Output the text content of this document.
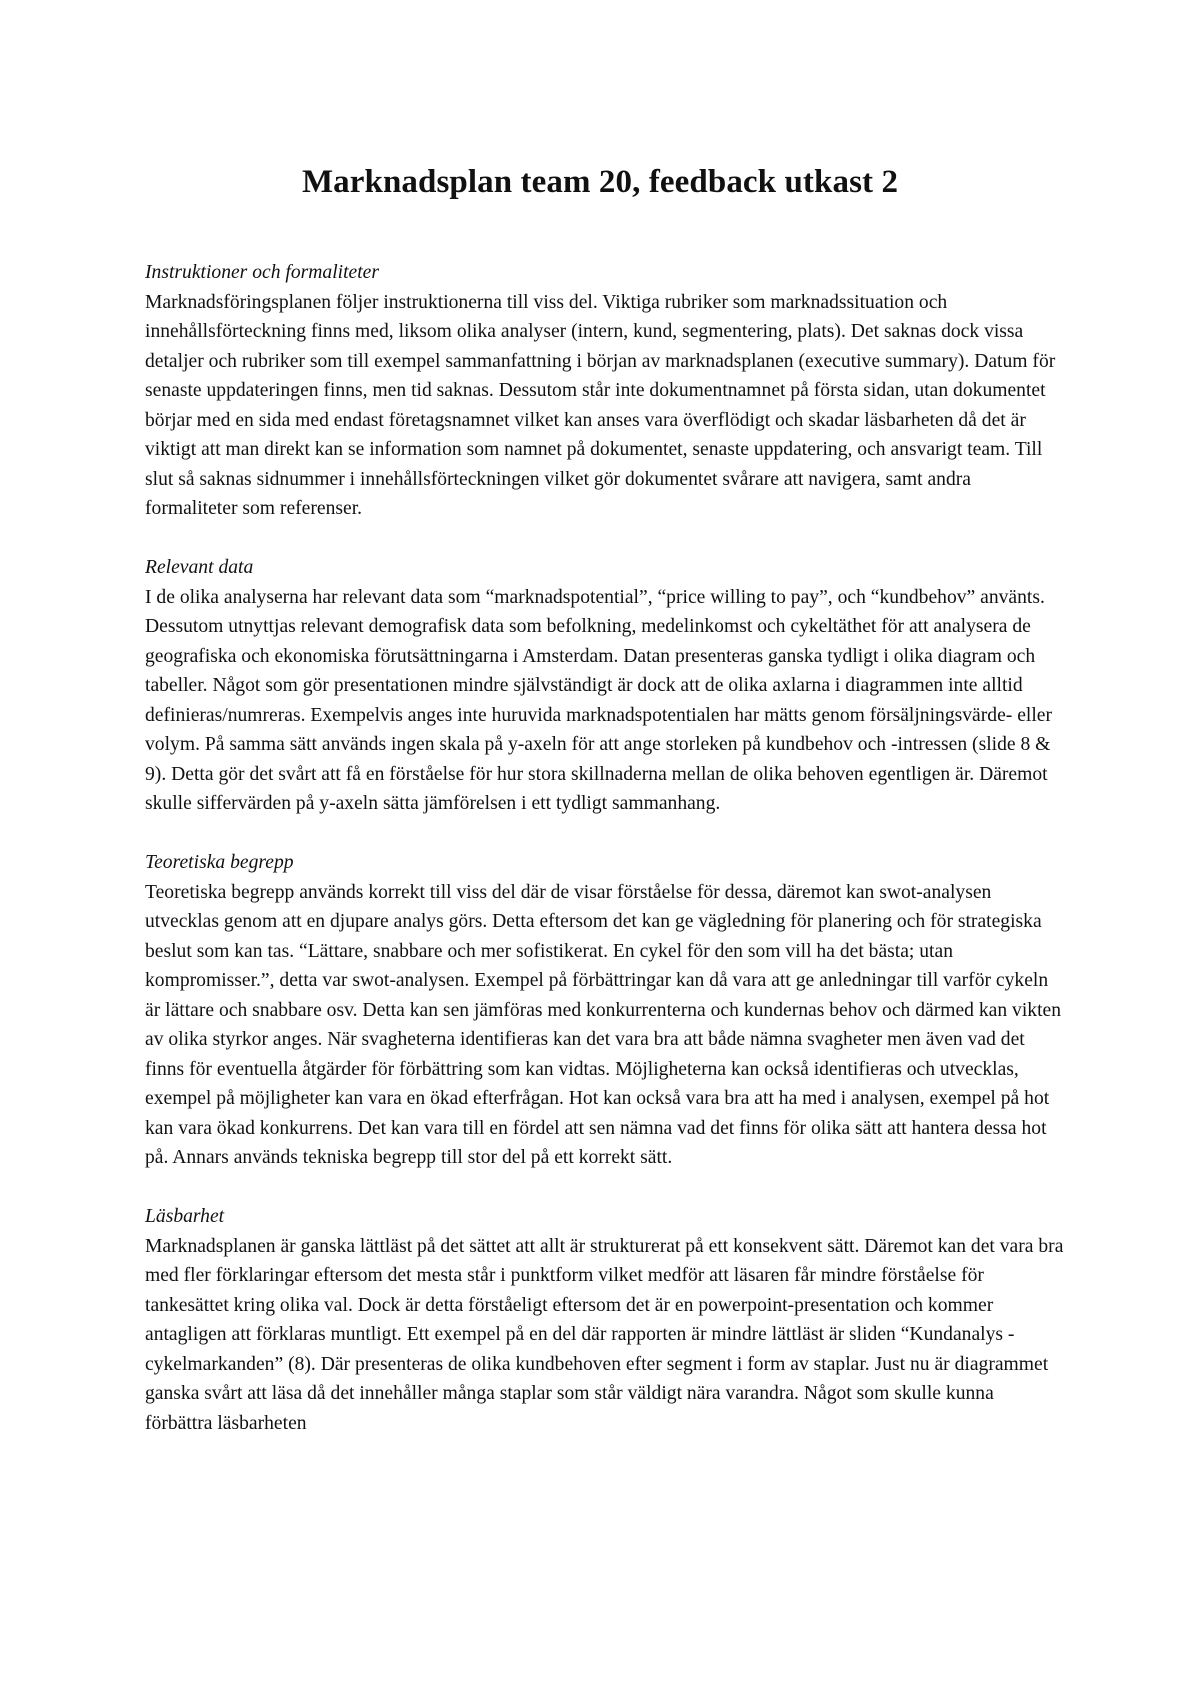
Marknadsplan team 20, feedback utkast 2
Instruktioner och formaliteter

Marknadsföringsplanen följer instruktionerna till viss del. Viktiga rubriker som marknadssituation och innehållsförteckning finns med, liksom olika analyser (intern, kund, segmentering, plats). Det saknas dock vissa detaljer och rubriker som till exempel sammanfattning i början av marknadsplanen (executive summary). Datum för senaste uppdateringen finns, men tid saknas. Dessutom står inte dokumentnamnet på första sidan, utan dokumentet börjar med en sida med endast företagsnamnet vilket kan anses vara överflödigt och skadar läsbarheten då det är viktigt att man direkt kan se information som namnet på dokumentet, senaste uppdatering, och ansvarigt team. Till slut så saknas sidnummer i innehållsförteckningen vilket gör dokumentet svårare att navigera, samt andra formaliteter som referenser.

Relevant data

I de olika analyserna har relevant data som “marknadspotential”, “price willing to pay”, och “kundbehov” använts. Dessutom utnyttjas relevant demografisk data som befolkning, medelinkomst och cykeltäthet för att analysera de geografiska och ekonomiska förutsättningarna i Amsterdam. Datan presenteras ganska tydligt i olika diagram och tabeller. Något som gör presentationen mindre självständigt är dock att de olika axlarna i diagrammen inte alltid definieras/numreras. Exempelvis anges inte huruvida marknadspotentialen har mätts genom försäljningsvärde- eller volym. På samma sätt används ingen skala på y-axeln för att ange storleken på kundbehov och -intressen (slide 8 & 9). Detta gör det svårt att få en förståelse för hur stora skillnaderna mellan de olika behoven egentligen är. Däremot skulle siffervärden på y-axeln sätta jämförelsen i ett tydligt sammanhang.

Teoretiska begrepp

Teoretiska begrepp används korrekt till viss del där de visar förståelse för dessa, däremot kan swot-analysen utvecklas genom att en djupare analys görs. Detta eftersom det kan ge vägledning för planering och för strategiska beslut som kan tas. “Lättare, snabbare och mer sofistikerat. En cykel för den som vill ha det bästa; utan kompromisser.”, detta var swot-analysen. Exempel på förbättringar kan då vara att ge anledningar till varför cykeln är lättare och snabbare osv. Detta kan sen jämföras med konkurrenterna och kundernas behov och därmed kan vikten av olika styrkor anges. När svagheterna identifieras kan det vara bra att både nämna svagheter men även vad det finns för eventuella åtgärder för förbättring som kan vidtas. Möjligheterna kan också identifieras och utvecklas, exempel på möjligheter kan vara en ökad efterfrågan. Hot kan också vara bra att ha med i analysen, exempel på hot kan vara ökad konkurrens. Det kan vara till en fördel att sen nämna vad det finns för olika sätt att hantera dessa hot på. Annars används tekniska begrepp till stor del på ett korrekt sätt.

Läsbarhet

Marknadsplanen är ganska lättläst på det sättet att allt är strukturerat på ett konsekvent sätt. Däremot kan det vara bra med fler förklaringar eftersom det mesta står i punktform vilket medför att läsaren får mindre förståelse för tankesättet kring olika val. Dock är detta förståeligt eftersom det är en powerpoint-presentation och kommer antagligen att förklaras muntligt. Ett exempel på en del där rapporten är mindre lättläst är sliden “Kundanalys - cykelmarkanden” (8). Där presenteras de olika kundbehoven efter segment i form av staplar. Just nu är diagrammet ganska svårt att läsa då det innehåller många staplar som står väldigt nära varandra. Något som skulle kunna förbättra läsbarheten
